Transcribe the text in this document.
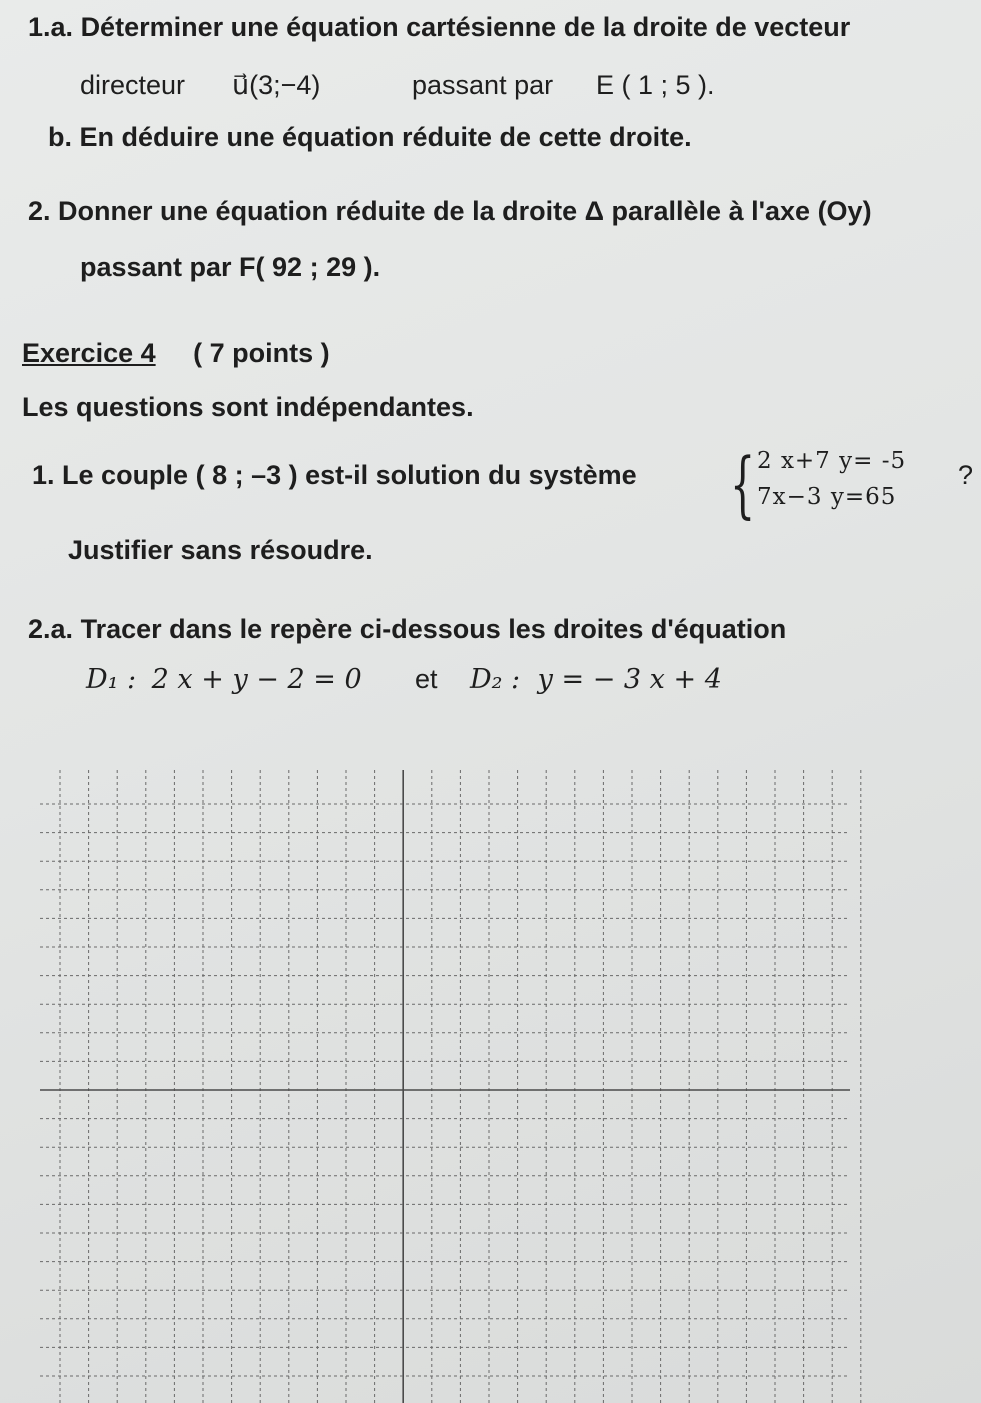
1.a. Déterminer une équation cartésienne de la droite de vecteur
directeur u⃗(3;−4)	passant par E ( 1 ; 5 ).
b. En déduire une équation réduite de cette droite.
2. Donner une équation réduite de la droite Δ parallèle à l'axe (Oy)
passant par F( 92 ; 29 ).
Exercice 4 ( 7 points )
Les questions sont indépendantes.
1. Le couple ( 8 ; –3 ) est-il solution du système { 2 x+7 y= -5
7x−3 y=65
?
Justifier sans résoudre.
2.a. Tracer dans le repère ci-dessous les droites d'équation
D₁ : 2 x + y − 2 = 0 et D₂ : y = − 3 x + 4
